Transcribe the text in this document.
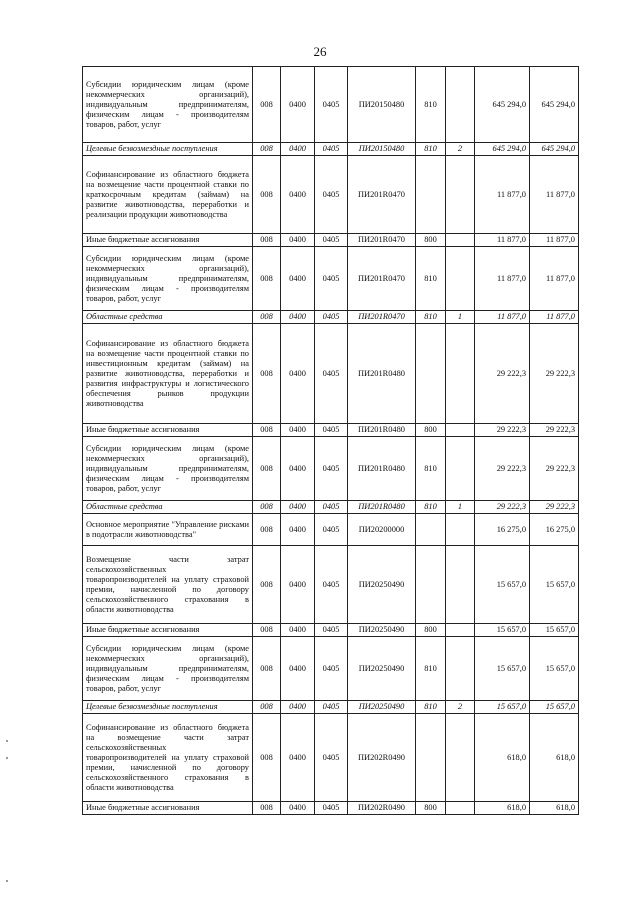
26
Субсидии юридическим лицам (кроме некоммерческих организаций), индивидуальным предпринимателям, физическим лицам - производителям товаров, работ, услуг	008	0400	0405	ПИ20150480	810		645 294,0	645 294,0
Целевые безвозмездные поступления	008	0400	0405	ПИ20150480	810	2	645 294,0	645 294,0
Софинансирование из областного бюджета на возмещение части процентной ставки по краткосрочным кредитам (займам) на развитие животноводства, переработки и реализации продукции животноводства	008	0400	0405	ПИ201R0470			11 877,0	11 877,0
Иные бюджетные ассигнования	008	0400	0405	ПИ201R0470	800		11 877,0	11 877,0
Субсидии юридическим лицам (кроме некоммерческих организаций), индивидуальным предпринимателям, физическим лицам - производителям товаров, работ, услуг	008	0400	0405	ПИ201R0470	810		11 877,0	11 877,0
Областные средства	008	0400	0405	ПИ201R0470	810	1	11 877,0	11 877,0
Софинансирование из областного бюджета на возмещение части процентной ставки по инвестиционным кредитам (займам) на развитие животноводства, переработки и развития инфраструктуры и логистического обеспечения рынков продукции животноводства	008	0400	0405	ПИ201R0480			29 222,3	29 222,3
Иные бюджетные ассигнования	008	0400	0405	ПИ201R0480	800		29 222,3	29 222,3
Субсидии юридическим лицам (кроме некоммерческих организаций), индивидуальным предпринимателям, физическим лицам - производителям товаров, работ, услуг	008	0400	0405	ПИ201R0480	810		29 222,3	29 222,3
Областные средства	008	0400	0405	ПИ201R0480	810	1	29 222,3	29 222,3
Основное мероприятие "Управление рисками в подотрасли животноводства"	008	0400	0405	ПИ20200000			16 275,0	16 275,0
Возмещение части затрат сельскохозяйственных товаропроизводителей на уплату страховой премии, начисленной по договору сельскохозяйственного страхования в области животноводства	008	0400	0405	ПИ20250490			15 657,0	15 657,0
Иные бюджетные ассигнования	008	0400	0405	ПИ20250490	800		15 657,0	15 657,0
Субсидии юридическим лицам (кроме некоммерческих организаций), индивидуальным предпринимателям, физическим лицам - производителям товаров, работ, услуг	008	0400	0405	ПИ20250490	810		15 657,0	15 657,0
Целевые безвозмездные поступления	008	0400	0405	ПИ20250490	810	2	15 657,0	15 657,0
Софинансирование из областного бюджета на возмещение части затрат сельскохозяйственных товаропроизводителей на уплату страховой премии, начисленной по договору сельскохозяйственного страхования в области животноводства	008	0400	0405	ПИ202R0490			618,0	618,0
Иные бюджетные ассигнования	008	0400	0405	ПИ202R0490	800		618,0	618,0
